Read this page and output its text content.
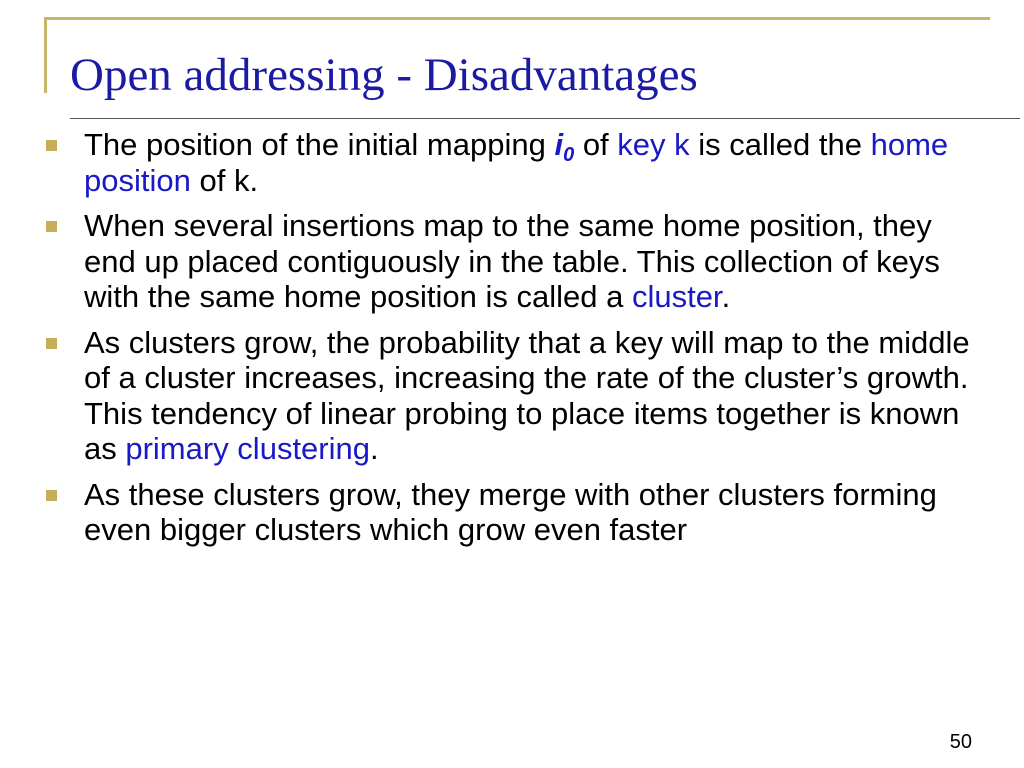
Open addressing - Disadvantages
The position of the initial mapping $i_0$ of key k is called the home position of k.
When several insertions map to the same home position, they end up placed contiguously in the table. This collection of keys with the same home position is called a cluster.
As clusters grow, the probability that a key will map to the middle of a cluster increases, increasing the rate of the cluster’s growth. This tendency of linear probing to place items together is known as primary clustering.
As these clusters grow, they merge with other clusters forming even bigger clusters which grow even faster
50
